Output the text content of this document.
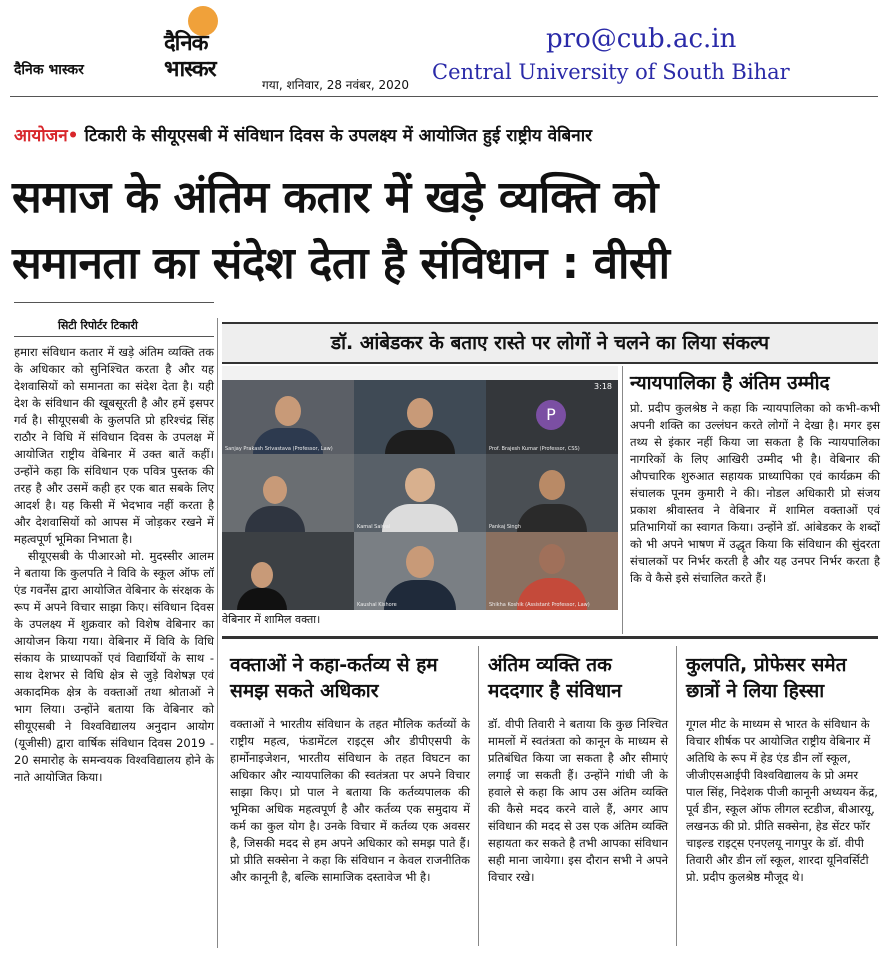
दैनिक भास्कर
दैनिक
भास्कर
गया, शनिवार, 28 नवंबर, 2020
pro@cub.ac.in
Central University of South Bihar
आयोजन• टिकारी के सीयूएसबी में संविधान दिवस के उपलक्ष्य में आयोजित हुई राष्ट्रीय वेबिनार
समाज के अंतिम कतार में खड़े व्यक्ति को
समानता का संदेश देता है संविधान : वीसी
सिटी रिपोर्टर टिकारी

हमारा संविधान कतार में खड़े अंतिम व्यक्ति तक के अधिकार को सुनिश्चित करता है और यह देशवासियों को समानता का संदेश देता है। यही देश के संविधान की खूबसूरती है और हमें इसपर गर्व है। सीयूएसबी के कुलपति प्रो हरिश्चंद्र सिंह राठौर ने विधि में संविधान दिवस के उपलक्ष में आयोजित राष्ट्रीय वेबिनार में उक्त बातें कहीं। उन्होंने कहा कि संविधान एक पवित्र पुस्तक की तरह है और उसमें कही हर एक बात सबके लिए आदर्श है। यह किसी में भेदभाव नहीं करता है और देशवासियों को आपस में जोड़कर रखने में महत्वपूर्ण भूमिका निभाता है।

सीयूएसबी के पीआरओ मो. मुदस्सीर आलम ने बताया कि कुलपति ने विवि के स्कूल ऑफ लॉ एंड गवर्नेंस द्वारा आयोजित वेबिनार के संरक्षक के रूप में अपने विचार साझा किए। संविधान दिवस के उपलक्ष्य में शुक्रवार को विशेष वेबिनार का आयोजन किया गया। वेबिनार में विवि के विधि संकाय के प्राध्यापकों एवं विद्यार्थियों के साथ - साथ देशभर से विधि क्षेत्र से जुड़े विशेषज्ञ एवं अकादमिक क्षेत्र के वक्ताओं तथा श्रोताओं ने भाग लिया। उन्होंने बताया कि वेबिनार को सीयूएसबी ने विश्वविद्यालय अनुदान आयोग (यूजीसी) द्वारा वार्षिक संविधान दिवस 2019 - 20 समारोह के समन्वयक विश्वविद्यालय होने के नाते आयोजित किया।

डॉ. आंबेडकर के बताए रास्ते पर लोगों ने चलने का लिया संकल्प
Sanjay Prakash Srivastava (Professor, Law)
P
3:18
Prof. Brajesh Kumar (Professor, CSS)
Kamal Saiwal	Pankaj Singh
Kaushal Kishore	Shikha Koshik (Assistant Professor, Law)
वेबिनार में शामिल वक्ता।
न्यायपालिका है अंतिम उम्मीद
प्रो. प्रदीप कुलश्रेष्ठ ने कहा कि न्यायपालिका को कभी-कभी अपनी शक्ति का उल्लंघन करते लोगों ने देखा है। मगर इस तथ्य से इंकार नहीं किया जा सकता है कि न्यायपालिका नागरिकों के लिए आखिरी उम्मीद भी है। वेबिनार की औपचारिक शुरुआत सहायक प्राध्यापिका एवं कार्यक्रम की संचालक पूनम कुमारी ने की। नोडल अधिकारी प्रो संजय प्रकाश श्रीवास्तव ने वेबिनार में शामिल वक्ताओं एवं प्रतिभागियों का स्वागत किया। उन्होंने डॉ. आंबेडकर के शब्दों को भी अपने भाषण में उद्धृत किया कि संविधान की सुंदरता संचालकों पर निर्भर करती है और यह उनपर निर्भर करता है कि वे कैसे इसे संचालित करते हैं।
वक्ताओं ने कहा-कर्तव्य से हम समझ सकते अधिकार
वक्ताओं ने भारतीय संविधान के तहत मौलिक कर्तव्यों के राष्ट्रीय महत्व, फंडामेंटल राइट्स और डीपीएसपी के हार्मोनाइजेशन, भारतीय संविधान के तहत विघटन का अधिकार और न्यायपालिका की स्वतंत्रता पर अपने विचार साझा किए। प्रो पाल ने बताया कि कर्तव्यपालक की भूमिका अधिक महत्वपूर्ण है और कर्तव्य एक समुदाय में कर्म का कुल योग है। उनके विचार में कर्तव्य एक अवसर है, जिसकी मदद से हम अपने अधिकार को समझ पाते हैं। प्रो प्रीति सक्सेना ने कहा कि संविधान न केवल राजनीतिक और कानूनी है, बल्कि सामाजिक दस्तावेज भी है।
अंतिम व्यक्ति तक मददगार है संविधान
डॉ. वीपी तिवारी ने बताया कि कुछ निश्चित मामलों में स्वतंत्रता को कानून के माध्यम से प्रतिबंधित किया जा सकता है और सीमाएं लगाई जा सकती हैं। उन्होंने गांधी जी के हवाले से कहा कि आप उस अंतिम व्यक्ति की कैसे मदद करने वाले हैं, अगर आप संविधान की मदद से उस एक अंतिम व्यक्ति सहायता कर सकते है तभी आपका संविधान सही माना जायेगा। इस दौरान सभी ने अपने विचार रखे।
कुलपति, प्रोफेसर समेत छात्रों ने लिया हिस्सा
गूगल मीट के माध्यम से भारत के संविधान के विचार शीर्षक पर आयोजित राष्ट्रीय वेबिनार में अतिथि के रूप में हेड एंड डीन लॉ स्कूल, जीजीएसआईपी विश्वविद्यालय के प्रो अमर पाल सिंह, निदेशक पीजी कानूनी अध्ययन केंद्र, पूर्व डीन, स्कूल ऑफ लीगल स्टडीज, बीआरयू, लखनऊ की प्रो. प्रीति सक्सेना, हेड सेंटर फॉर चाइल्ड राइट्स एनएलयू नागपुर के डॉ. वीपी तिवारी और डीन लॉ स्कूल, शारदा यूनिवर्सिटी प्रो. प्रदीप कुलश्रेष्ठ मौजूद थे।
